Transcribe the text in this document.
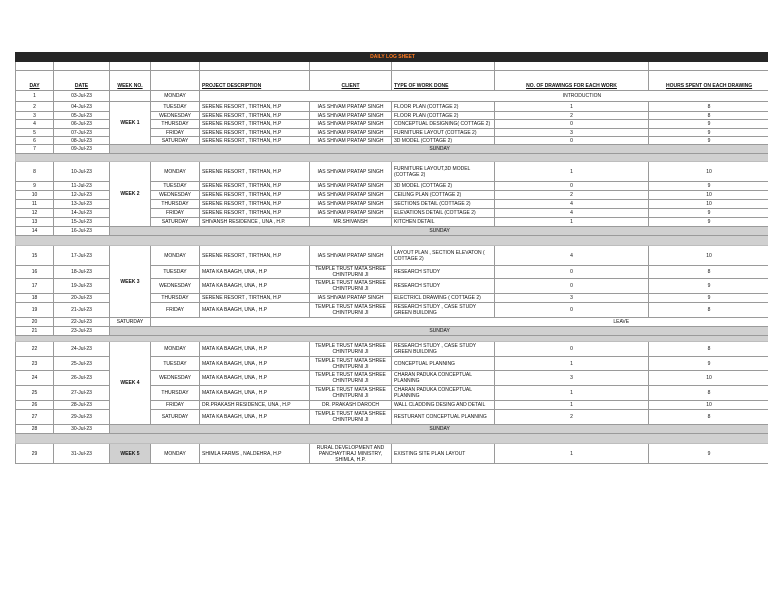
DAILY LOG SHEET								

DAY	DATE	WEEK NO.		PROJECT DESCRIPTION	CLIENT	TYPE OF WORK DONE	NO. OF DRAWINGS FOR EACH WORK	HOURS SPENT ON EACH DRAWING
1	03-Jul-23		MONDAY	INTRODUCTION				
2	04-Jul-23	WEEK 1	TUESDAY	SERENE RESORT , TIRTHAN, H.P	IAS SHIVAM PRATAP SINGH	FLOOR PLAN (COTTAGE 2)	1	8
3	05-Jul-23		WEDNESDAY	SERENE RESORT , TIRTHAN, H.P	IAS SHIVAM PRATAP SINGH	FLOOR PLAN (COTTAGE 2)	2	8
4	06-Jul-23		THURSDAY	SERENE RESORT , TIRTHAN, H.P	IAS SHIVAM PRATAP SINGH	CONCEPTUAL DESIGNING( COTTAGE 2)	0	9
5	07-Jul-23		FRIDAY	SERENE RESORT , TIRTHAN, H.P	IAS SHIVAM PRATAP SINGH	FURNITURE LAYOUT (COTTAGE 2)	3	9
6	08-Jul-23		SATURDAY	SERENE RESORT , TIRTHAN, H.P	IAS SHIVAM PRATAP SINGH	3D MODEL (COTTAGE 2)	0	9
7	09-Jul-23	SUNDAY						

8	10-Jul-23	WEEK 2	MONDAY	SERENE RESORT , TIRTHAN, H.P	IAS SHIVAM PRATAP SINGH	FURNITURE LAYOUT,3D MODEL (COTTAGE 2)	1	10
9	11-Jul-23		TUESDAY	SERENE RESORT , TIRTHAN, H.P	IAS SHIVAM PRATAP SINGH	3D MODEL (COTTAGE 2)	0	9
10	12-Jul-23		WEDNESDAY	SERENE RESORT , TIRTHAN, H.P	IAS SHIVAM PRATAP SINGH	CEILING PLAN (COTTAGE 2)	2	10
11	13-Jul-23		THURSDAY	SERENE RESORT , TIRTHAN, H.P	IAS SHIVAM PRATAP SINGH	SECTIONS DETAIL (COTTAGE 2)	4	10
12	14-Jul-23		FRIDAY	SERENE RESORT , TIRTHAN, H.P	IAS SHIVAM PRATAP SINGH	ELEVATIONS DETAIL (COTTAGE 2)	4	9
13	15-Jul-23		SATURDAY	SHIVANSH RESIDENCE , UNA , H.P.	MR.SHIVANSH	KITCHEN DETAIL	1	9
14	16-Jul-23	SUNDAY						

15	17-Jul-23	WEEK 3	MONDAY	SERENE RESORT , TIRTHAN, H.P	IAS SHIVAM PRATAP SINGH	LAYOUT PLAN , SECTION ELEVATON ( COTTAGE 2)	4	10
16	18-Jul-23		TUESDAY	MATA KA BAAGH, UNA , H.P	TEMPLE TRUST MATA SHREE CHINTPURNI JI	RESEARCH STUDY	0	8
17	19-Jul-23		WEDNESDAY	MATA KA BAAGH, UNA , H.P	TEMPLE TRUST MATA SHREE CHINTPURNI JI	RESEARCH STUDY	0	9
18	20-Jul-23		THURSDAY	SERENE RESORT , TIRTHAN, H.P	IAS SHIVAM PRATAP SINGH	ELECTRICL DRAWING ( COTTAGE 2)	3	9
19	21-Jul-23		FRIDAY	MATA KA BAAGH, UNA , H.P	TEMPLE TRUST MATA SHREE CHINTPURNI JI	RESEARCH STUDY , CASE STUDY GREEN BUILDING	0	8
20	22-Jul-23	SATURDAY	LEAVE					
21	23-Jul-23	SUNDAY						

22	24-Jul-23	WEEK 4	MONDAY	MATA KA BAAGH, UNA , H.P	TEMPLE TRUST MATA SHREE CHINTPURNI JI	RESEARCH STUDY , CASE STUDY GREEN BUILDING	0	8
23	25-Jul-23		TUESDAY	MATA KA BAAGH, UNA , H.P	TEMPLE TRUST MATA SHREE CHINTPURNI JI	CONCEPTUAL PLANNING	1	9
24	26-Jul-23		WEDNESDAY	MATA KA BAAGH, UNA , H.P	TEMPLE TRUST MATA SHREE CHINTPURNI JI	CHARAN PADUKA CONCEPTUAL PLANNING	3	10
25	27-Jul-23		THURSDAY	MATA KA BAAGH, UNA , H.P	TEMPLE TRUST MATA SHREE CHINTPURNI JI	CHARAN PADUKA CONCEPTUAL PLANNING	1	8
26	28-Jul-23		FRIDAY	DR.PRAKASH RESIDENCE, UNA , H.P	DR. PRAKASH DAROCH	WALL CLADDING DESING AND DETAIL	1	10
27	29-Jul-23		SATURDAY	MATA KA BAAGH, UNA , H.P	TEMPLE TRUST MATA SHREE CHINTPURNI JI	RESTURANT CONCEPTUAL PLANNING	2	8
28	30-Jul-23	SUNDAY						

29	31-Jul-23	WEEK 5	MONDAY	SHIMLA FARMS , NALDEHRA, H.P	RURAL DEVELOPMENT AND PANCHAYTIRAJ MINISTRY, SHIMLA, H.P.	EXISTING SITE PLAN LAYOUT	1	9
